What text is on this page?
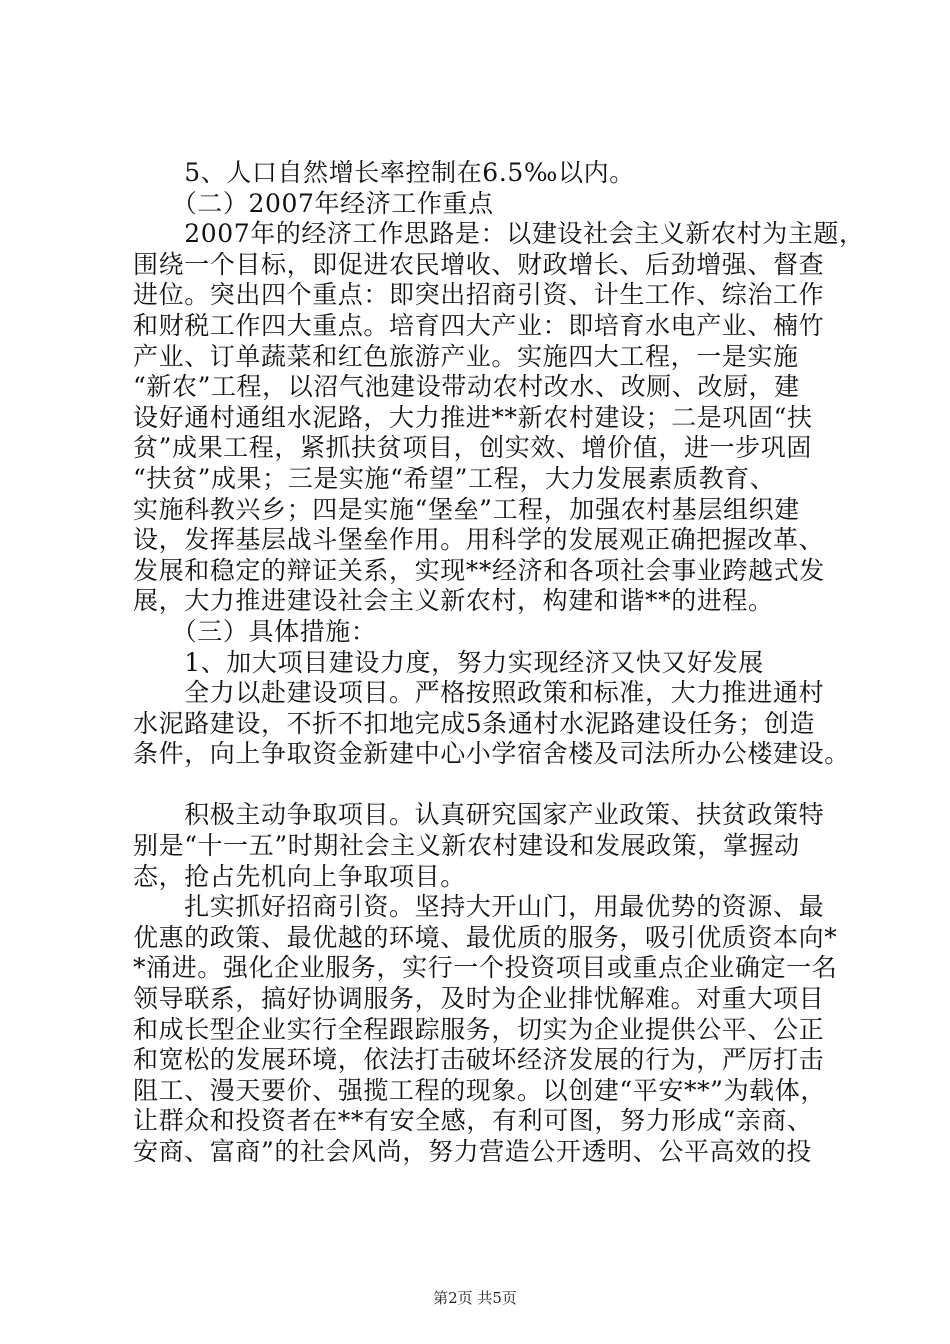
　　5、人口自然增长率控制在6.5‰以内。
　　（二）2007年经济工作重点
　　2007年的经济工作思路是：以建设社会主义新农村为主题，
围绕一个目标，即促进农民增收、财政增长、后劲增强、督查
进位。突出四个重点：即突出招商引资、计生工作、综治工作
和财税工作四大重点。培育四大产业：即培育水电产业、楠竹
产业、订单蔬菜和红色旅游产业。实施四大工程，一是实施
“新农”工程，以沼气池建设带动农村改水、改厕、改厨，建
设好通村通组水泥路，大力推进**新农村建设；二是巩固“扶
贫”成果工程，紧抓扶贫项目，创实效、增价值，进一步巩固
“扶贫”成果；三是实施“希望”工程，大力发展素质教育、
实施科教兴乡；四是实施“堡垒”工程，加强农村基层组织建
设，发挥基层战斗堡垒作用。用科学的发展观正确把握改革、
发展和稳定的辩证关系，实现**经济和各项社会事业跨越式发
展，大力推进建设社会主义新农村，构建和谐**的进程。
　　（三）具体措施：
　　1、加大项目建设力度，努力实现经济又快又好发展
　　全力以赴建设项目。严格按照政策和标准，大力推进通村
水泥路建设，不折不扣地完成5条通村水泥路建设任务；创造
条件，向上争取资金新建中心小学宿舍楼及司法所办公楼建设。
　　积极主动争取项目。认真研究国家产业政策、扶贫政策特
别是“十一五”时期社会主义新农村建设和发展政策，掌握动
态，抢占先机向上争取项目。
　　扎实抓好招商引资。坚持大开山门，用最优势的资源、最
优惠的政策、最优越的环境、最优质的服务，吸引优质资本向*
*涌进。强化企业服务，实行一个投资项目或重点企业确定一名
领导联系，搞好协调服务，及时为企业排忧解难。对重大项目
和成长型企业实行全程跟踪服务，切实为企业提供公平、公正
和宽松的发展环境，依法打击破坏经济发展的行为，严厉打击
阻工、漫天要价、强揽工程的现象。以创建“平安**”为载体，
让群众和投资者在**有安全感，有利可图，努力形成“亲商、
安商、富商”的社会风尚，努力营造公开透明、公平高效的投
第2页 共5页
